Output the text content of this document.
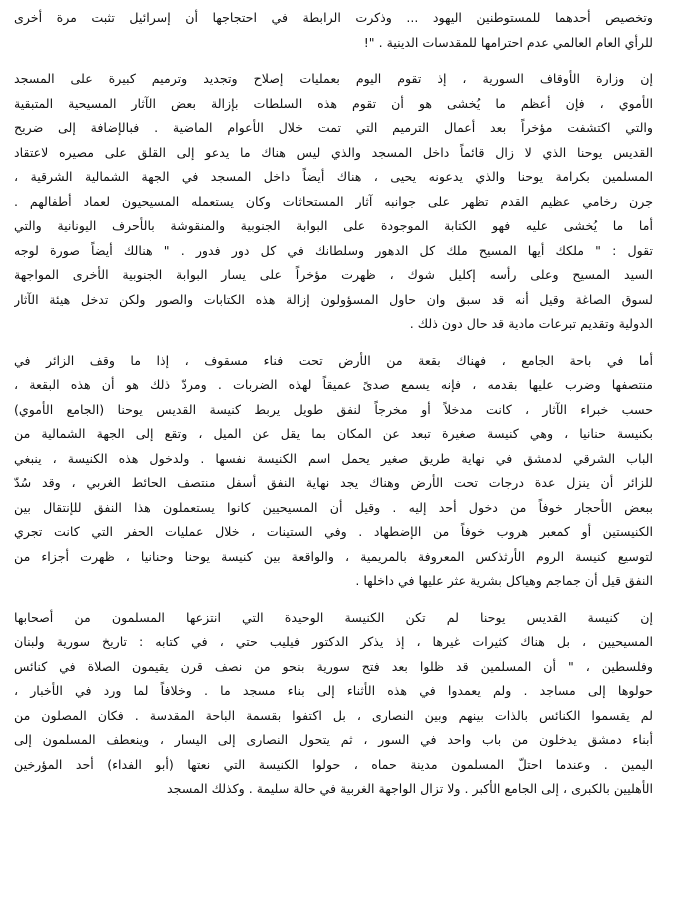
وتخصيص أحدهما للمستوطنين اليهود ... وذكرت الرابطة في احتجاجها أن إسرائيل تثبت مرة أخرى
للرأي العام العالمي عدم احترامها للمقدسات الدينية . "!
إن وزارة الأوقاف السورية ، إذ تقوم اليوم بعمليات إصلاح وتجديد وترميم كبيرة على المسجد
الأموي ، فإن أعظم ما يُخشى هو أن تقوم هذه السلطات بإزالة بعض الآثار المسيحية المتبقية
والتي اكتشفت مؤخراً بعد أعمال الترميم التي تمت خلال الأعوام الماضية . فبالإضافة إلى ضريح
القديس يوحنا الذي لا زال قائماً داخل المسجد والذي ليس هناك ما يدعو إلى القلق على مصيره لاعتقاد
المسلمين بكرامة يوحنا والذي يدعونه يحيى ، هناك أيضاً داخل المسجد في الجهة الشمالية الشرقية ،
جرن رخامي عظيم القدم تظهر على جوانبه آثار المستحاثات وكان يستعمله المسيحيون لعماد أطفالهم .
أما ما يُخشى عليه فهو الكتابة الموجودة على البوابة الجنوبية والمنقوشة بالأحرف اليونانية والتي
تقول : " ملكك أيها المسيح ملك كل الدهور وسلطانك في كل دور فدور . " هنالك أيضاً صورة لوجه
السيد المسيح وعلى رأسه إكليل شوك ، ظهرت مؤخراً على يسار البوابة الجنوبية الأخرى المواجهة
لسوق الصاغة وقيل أنه قد سبق وان حاول المسؤولون إزالة هذه الكتابات والصور ولكن تدخل هيئة الآثار
الدولية وتقديم تبرعات مادية قد حال دون ذلك .
أما في باحة الجامع ، فهناك بقعة من الأرض تحت فناء مسقوف ، إذا ما وقف الزائر في
منتصفها وضرب عليها بقدمه ، فإنه يسمع صدىً عميقاً لهذه الضربات . ومردّ ذلك هو أن هذه البقعة ،
حسب خبراء الآثار ، كانت مدخلاً أو مخرجاً لنفق طويل يربط كنيسة القديس يوحنا (الجامع الأموي)
بكنيسة حنانيا ، وهي كنيسة صغيرة تبعد عن المكان بما يقل عن الميل ، وتقع إلى الجهة الشمالية من
الباب الشرقي لدمشق في نهاية طريق صغير يحمل اسم الكنيسة نفسها . ولدخول هذه الكنيسة ، ينبغي
للزائر أن ينزل عدة درجات تحت الأرض وهناك يجد نهاية النفق أسفل منتصف الحائط الغربي ، وقد سُدّ
ببعض الأحجار خوفاً من دخول أحد إليه . وقيل أن المسيحيين كانوا يستعملون هذا النفق للإنتقال بين
الكنيستين أو كمعبر هروب خوفاً من الإضطهاد . وفي الستينات ، خلال عمليات الحفر التي كانت تجري
لتوسيع كنيسة الروم الأرثذكس المعروفة بالمريمية ، والواقعة بين كنيسة يوحنا وحنانيا ، ظهرت أجزاء من
النفق قيل أن جماجم وهياكل بشرية عثر عليها في داخلها .
إن كنيسة القديس يوحنا لم تكن الكنيسة الوحيدة التي انتزعها المسلمون من أصحابها
المسيحيين ، بل هناك كثيرات غيرها ، إذ يذكر الدكتور فيليب حتي ، في كتابه : تاريخ سورية ولبنان
وفلسطين ، " أن المسلمين قد ظلوا بعد فتح سورية بنحو من نصف قرن يقيمون الصلاة في كنائس
حولوها إلى مساجد . ولم يعمدوا في هذه الأثناء إلى بناء مسجد ما . وخلافاً لما ورد في الأخبار ،
لم يقسموا الكنائس بالذات بينهم وبين النصارى ، بل اكتفوا بقسمة الباحة المقدسة . فكان المصلون من
أبناء دمشق يدخلون من باب واحد في السور ، ثم يتحول النصارى إلى اليسار ، وينعطف المسلمون إلى
اليمين . وعندما احتلّ المسلمون مدينة حماه ، حولوا الكنيسة التي نعتها (أبو الفداء) أحد المؤرخين
الأهليين بالكبرى ، إلى الجامع الأكبر . ولا تزال الواجهة الغربية في حالة سليمة . وكذلك المسجد
